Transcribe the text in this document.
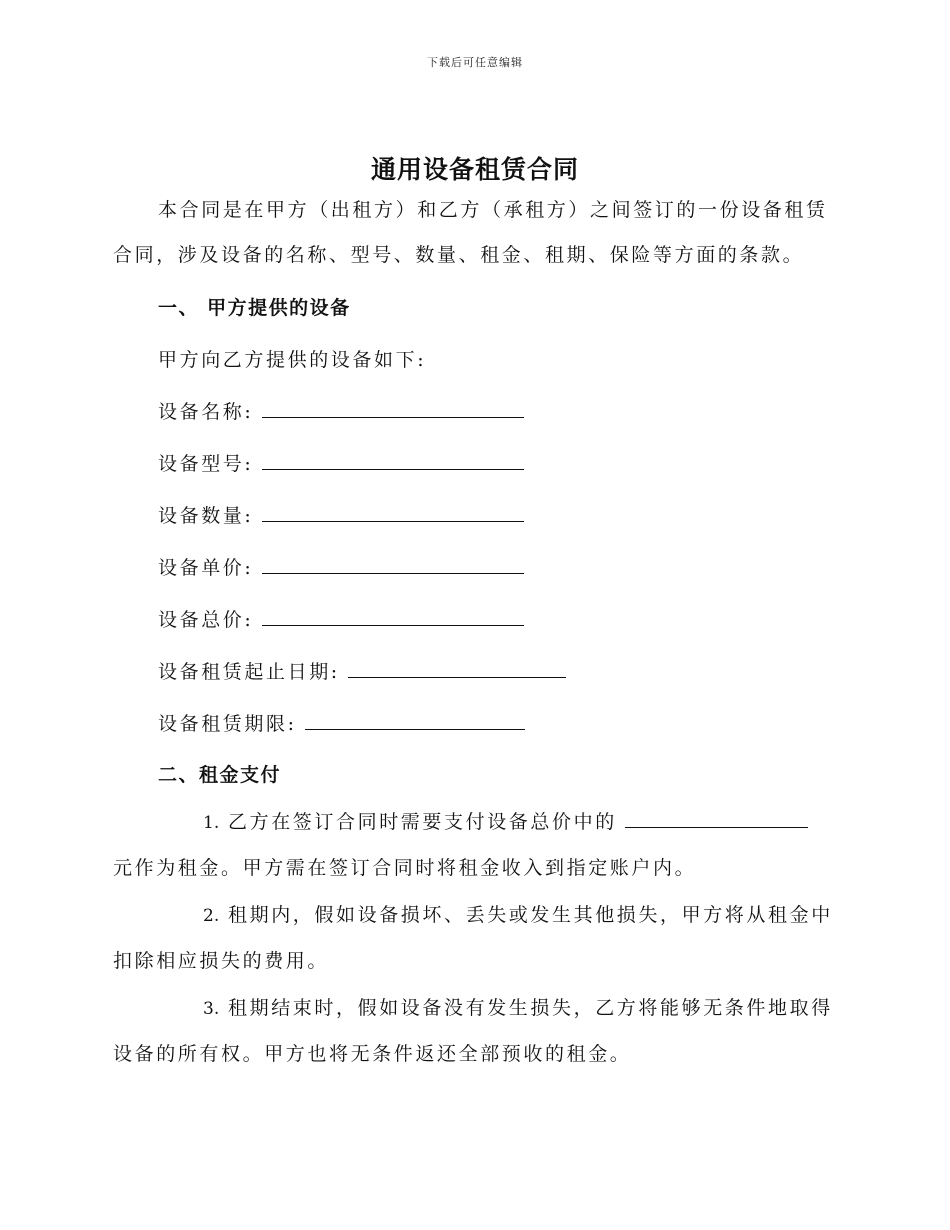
下载后可任意编辑
通用设备租赁合同

本合同是在甲方（出租方）和乙方（承租方）之间签订的一份设备租赁合同，涉及设备的名称、型号、数量、租金、租期、保险等方面的条款。

一、 甲方提供的设备

甲方向乙方提供的设备如下:

设备名称:
设备型号:
设备数量:
设备单价:
设备总价:
设备租赁起止日期:
设备租赁期限:
二、租金支付

1. 乙方在签订合同时需要支付设备总价中的元作为租金。甲方需在签订合同时将租金收入到指定账户内。

2. 租期内，假如设备损坏、丢失或发生其他损失，甲方将从租金中扣除相应损失的费用。

3. 租期结束时，假如设备没有发生损失，乙方将能够无条件地取得设备的所有权。甲方也将无条件返还全部预收的租金。
